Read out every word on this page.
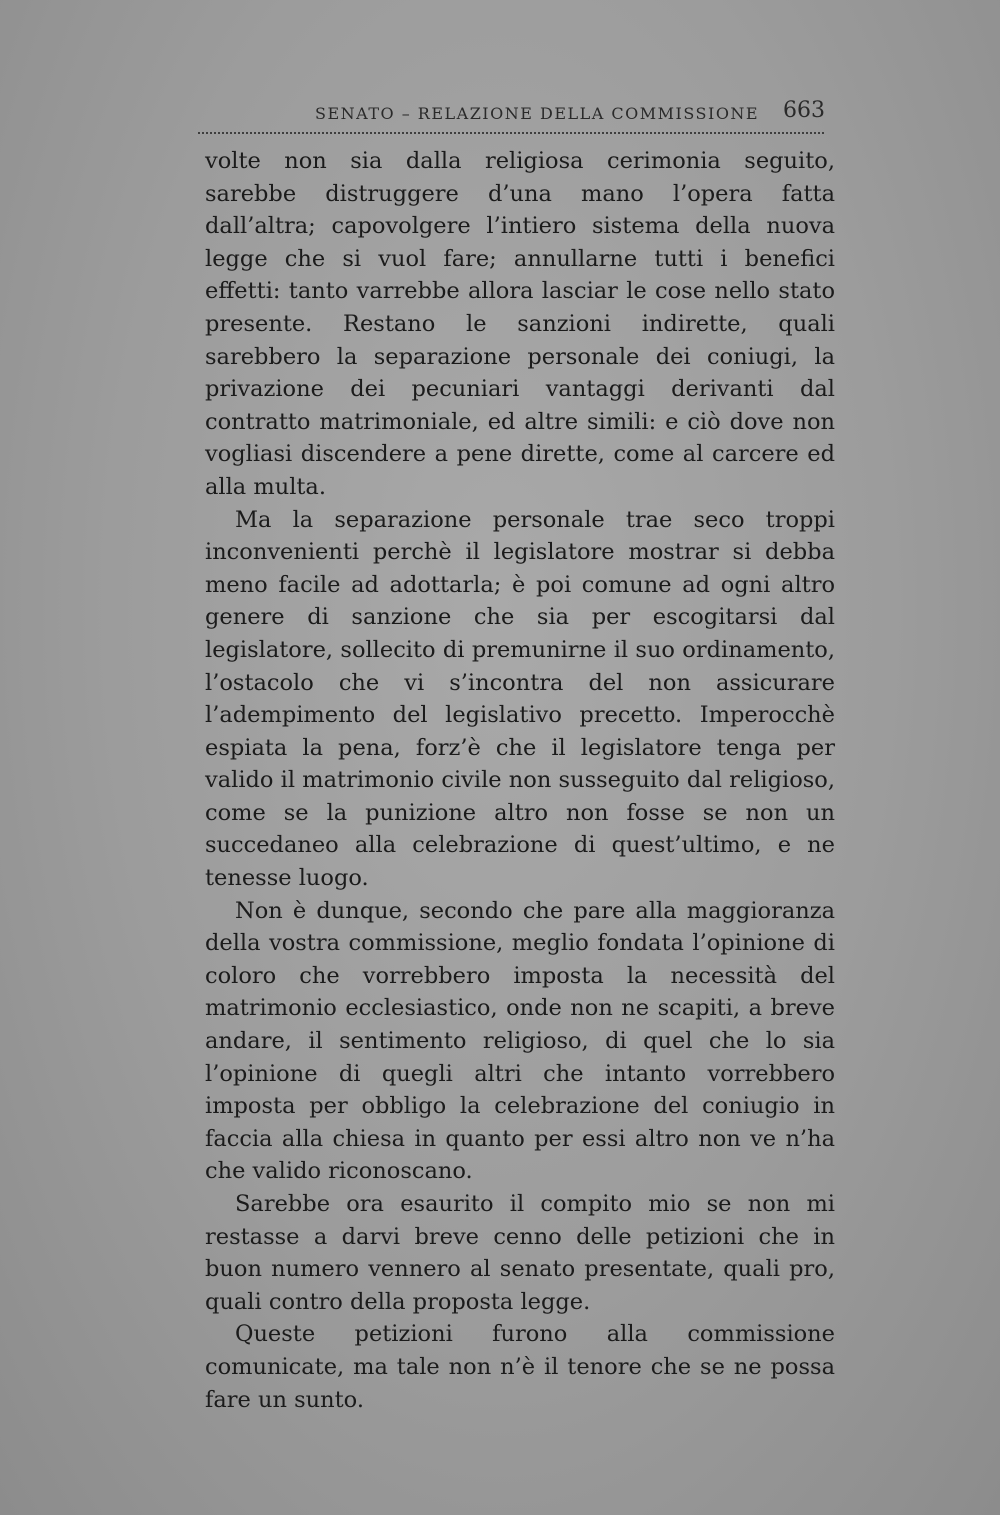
SENATO – RELAZIONE DELLA COMMISSIONE 663

volte non sia dalla religiosa cerimonia seguito, sarebbe distruggere d’una mano l’opera fatta dall’altra; capovolgere l’intiero sistema della nuova legge che si vuol fare; annullarne tutti i benefici effetti: tanto varrebbe allora lasciar le cose nello stato presente. Restano le sanzioni indirette, quali sarebbero la separazione personale dei coniugi, la privazione dei pecuniari vantaggi derivanti dal contratto matrimoniale, ed altre simili: e ciò dove non vogliasi discendere a pene dirette, come al carcere ed alla multa.

Ma la separazione personale trae seco troppi inconvenienti perchè il legislatore mostrar si debba meno facile ad adottarla; è poi comune ad ogni altro genere di sanzione che sia per escogitarsi dal legislatore, sollecito di premunirne il suo ordinamento, l’ostacolo che vi s’incontra del non assicurare l’adempimento del legislativo precetto. Imperocchè espiata la pena, forz’è che il legislatore tenga per valido il matrimonio civile non susseguito dal religioso, come se la punizione altro non fosse se non un succedaneo alla celebrazione di quest’ultimo, e ne tenesse luogo.

Non è dunque, secondo che pare alla maggioranza della vostra commissione, meglio fondata l’opinione di coloro che vorrebbero imposta la necessità del matrimonio ecclesiastico, onde non ne scapiti, a breve andare, il sentimento religioso, di quel che lo sia l’opinione di quegli altri che intanto vorrebbero imposta per obbligo la celebrazione del coniugio in faccia alla chiesa in quanto per essi altro non ve n’ha che valido riconoscano.

Sarebbe ora esaurito il compito mio se non mi restasse a darvi breve cenno delle petizioni che in buon numero vennero al senato presentate, quali pro, quali contro della proposta legge.

Queste petizioni furono alla commissione comunicate, ma tale non n’è il tenore che se ne possa fare un sunto.
